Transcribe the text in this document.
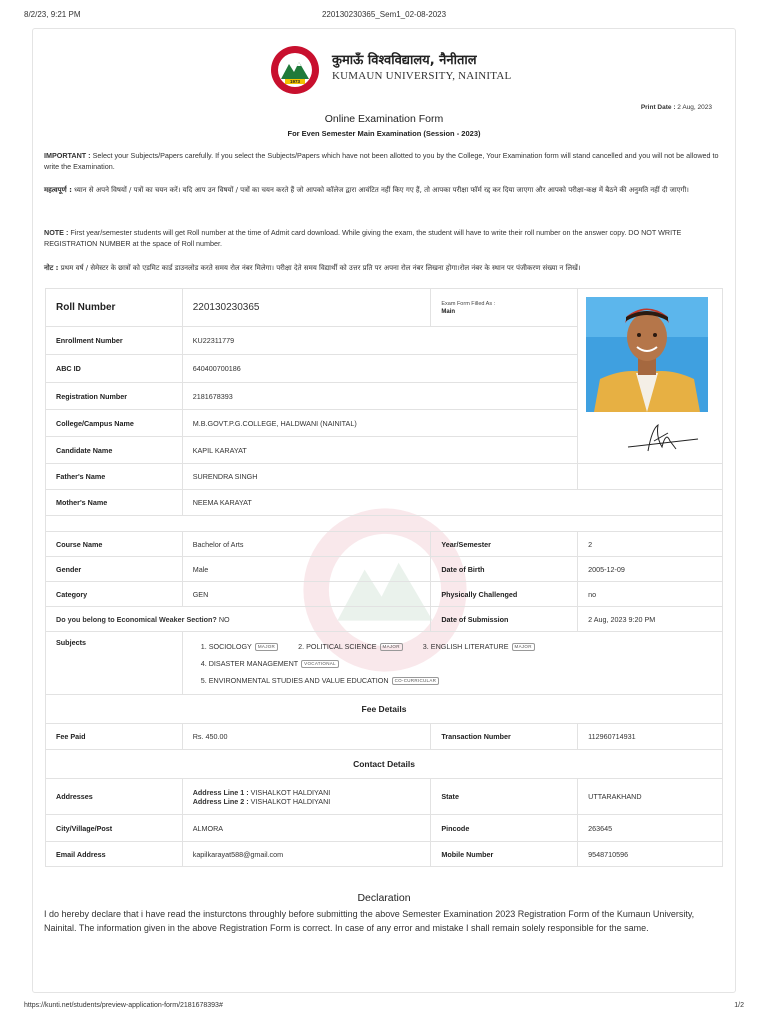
8/2/23, 9:21 PM	220130230365_Sem1_02-08-2023
1973
कुमाऊँ विश्वविद्यालय, नैनीताल
KUMAUN UNIVERSITY, NAINITAL
Print Date : 2 Aug, 2023
Online Examination Form
For Even Semester Main Examination (Session - 2023)
IMPORTANT : Select your Subjects/Papers carefully. If you select the Subjects/Papers which have not been allotted to you by the College, Your Examination form will stand cancelled and you will not be allowed to write the Examination.
महत्वपूर्ण : ध्यान से अपने विषयों / पत्रों का चयन करें। यदि आप उन विषयों / पत्रों का चयन करते हैं जो आपको कॉलेज द्वारा आवंटित नहीं किए गए हैं, तो आपका परीक्षा फॉर्म रद्द कर दिया जाएगा और आपको परीक्षा-कक्ष में बैठने की अनुमति नहीं दी जाएगी।
NOTE : First year/semester students will get Roll number at the time of Admit card download. While giving the exam, the student will have to write their roll number on the answer copy. DO NOT WRITE REGISTRATION NUMBER at the space of Roll number.
नोट : प्रथम वर्ष / सेमेस्टर के छात्रों को एडमिट कार्ड डाउनलोड करते समय रोल नंबर मिलेगा। परीक्षा देते समय विद्यार्थी को उत्तर प्रति पर अपना रोल नंबर लिखना होगा।रोल नंबर के स्थान पर पंजीकरण संख्या न लिखें।
Roll Number	220130230365	Exam Form Filled As :
Main

Enrollment Number	KU22311779		
ABC ID	640400700186		
Registration Number	2181678393		
College/Campus Name	M.B.GOVT.P.G.COLLEGE, HALDWANI (NAINITAL)		
Candidate Name	KAPIL KARAYAT		
Father's Name	SURENDRA SINGH		
Mother's Name	NEEMA KARAYAT		

Course Name	Bachelor of Arts	Year/Semester	2
Gender	Male	Date of Birth	2005-12-09
Category	GEN	Physically Challenged	no
Do you belong to Economical Weaker Section? NO		Date of Submission	2 Aug, 2023 9:20 PM
Subjects	1. SOCIOLOGY MAJOR 2. POLITICAL SCIENCE MAJOR 3. ENGLISH LITERATURE MAJOR
4. DISASTER MANAGEMENT VOCATIONAL
5. ENVIRONMENTAL STUDIES AND VALUE EDUCATION CO-CURRICULAR		

Fee Details			
Fee Paid	Rs. 450.00	Transaction Number	112960714931
Contact Details			
Addresses	Address Line 1 : VISHALKOT HALDIYANI
Address Line 2 : VISHALKOT HALDIYANI	State	UTTARAKHAND
City/Village/Post	ALMORA	Pincode	263645
Email Address	kapilkarayat588@gmail.com	Mobile Number	9548710596
Declaration
I do hereby declare that i have read the insturctons throughly before submitting the above Semester Examination 2023 Registration Form of the Kumaun University, Nainital. The information given in the above Registration Form is correct. In case of any error and mistake I shall remain solely responsible for the same.
https://kunti.net/students/preview-application-form/2181678393#	1/2
